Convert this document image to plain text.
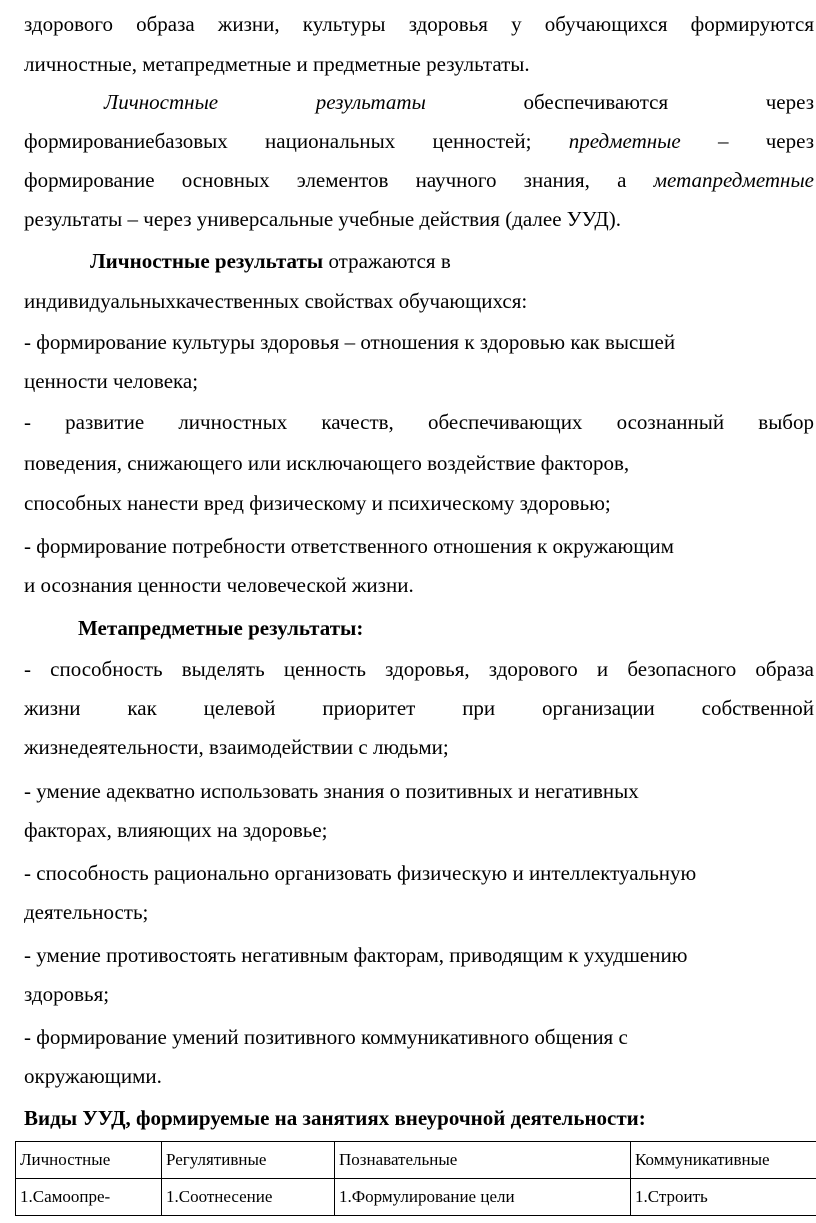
здорового образа жизни, культуры здоровья у обучающихся формируются
личностные, метапредметные и предметные результаты.
Личностные	результаты	обеспечиваются	через
формированиебазовых национальных ценностей; предметные – через
формирование основных элементов научного знания, а метапредметные
результаты – через универсальные учебные действия (далее УУД).
Личностные результаты отражаются в
индивидуальныхкачественных свойствах обучающихся:
- формирование культуры здоровья – отношения к здоровью как высшей
ценности человека;
- развитие личностных качеств, обеспечивающих осознанный выбор
поведения, снижающего или исключающего воздействие факторов,
способных нанести вред физическому и психическому здоровью;
- формирование потребности ответственного отношения к окружающим
и осознания ценности человеческой жизни.
Метапредметные результаты:
- способность выделять ценность здоровья, здорового и безопасного образа
жизни как целевой приоритет при организации собственной
жизнедеятельности, взаимодействии с людьми;
- умение адекватно использовать знания о позитивных и негативных
факторах, влияющих на здоровье;
- способность рационально организовать физическую и интеллектуальную
деятельность;
- умение противостоять негативным факторам, приводящим к ухудшению
здоровья;
- формирование умений позитивного коммуникативного общения с
окружающими.
Виды УУД, формируемые на занятиях внеурочной деятельности:
Личностные	Регулятивные	Познавательные	Коммуникативные
1.Самоопре-	1.Соотнесение	1.Формулирование цели	1.Строить
